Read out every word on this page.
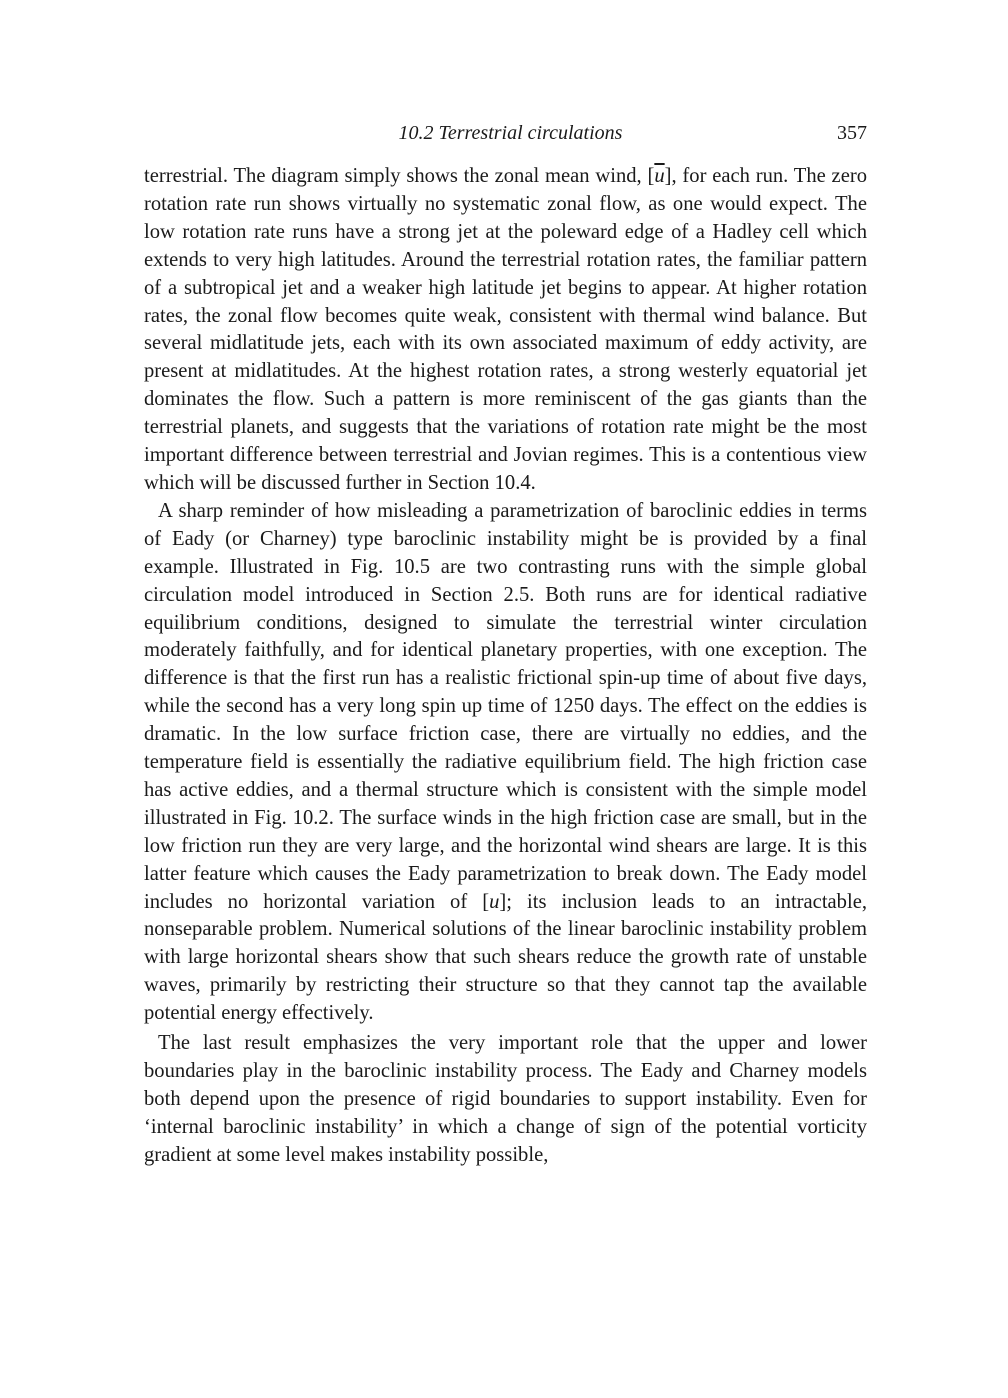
10.2 Terrestrial circulations	357

terrestrial. The diagram simply shows the zonal mean wind, $[\overline{u}]$, for each run. The zero rotation rate run shows virtually no systematic zonal flow, as one would expect. The low rotation rate runs have a strong jet at the poleward edge of a Hadley cell which extends to very high latitudes. Around the terrestrial rotation rates, the familiar pattern of a subtropical jet and a weaker high latitude jet begins to appear. At higher rotation rates, the zonal flow becomes quite weak, consistent with thermal wind balance. But several midlatitude jets, each with its own associated maximum of eddy activity, are present at midlatitudes. At the highest rotation rates, a strong westerly equatorial jet dominates the flow. Such a pattern is more reminiscent of the gas giants than the terrestrial planets, and suggests that the variations of rotation rate might be the most important difference between terrestrial and Jovian regimes. This is a contentious view which will be discussed further in Section 10.4.

A sharp reminder of how misleading a parametrization of baroclinic eddies in terms of Eady (or Charney) type baroclinic instability might be is provided by a final example. Illustrated in Fig. 10.5 are two contrasting runs with the simple global circulation model introduced in Section 2.5. Both runs are for identical radiative equilibrium conditions, designed to simulate the terrestrial winter circulation moderately faithfully, and for identical planetary properties, with one exception. The difference is that the first run has a realistic frictional spin-up time of about five days, while the second has a very long spin up time of 1250 days. The effect on the eddies is dramatic. In the low surface friction case, there are virtually no eddies, and the temperature field is essentially the radiative equilibrium field. The high friction case has active eddies, and a thermal structure which is consistent with the simple model illustrated in Fig. 10.2. The surface winds in the high friction case are small, but in the low friction run they are very large, and the horizontal wind shears are large. It is this latter feature which causes the Eady parametrization to break down. The Eady model includes no horizontal variation of [u]; its inclusion leads to an intractable, nonseparable problem. Numerical solutions of the linear baroclinic instability problem with large horizontal shears show that such shears reduce the growth rate of unstable waves, primarily by restricting their structure so that they cannot tap the available potential energy effectively.

The last result emphasizes the very important role that the upper and lower boundaries play in the baroclinic instability process. The Eady and Charney models both depend upon the presence of rigid boundaries to support instability. Even for ‘internal baroclinic instability’ in which a change of sign of the potential vorticity gradient at some level makes instability possible,
